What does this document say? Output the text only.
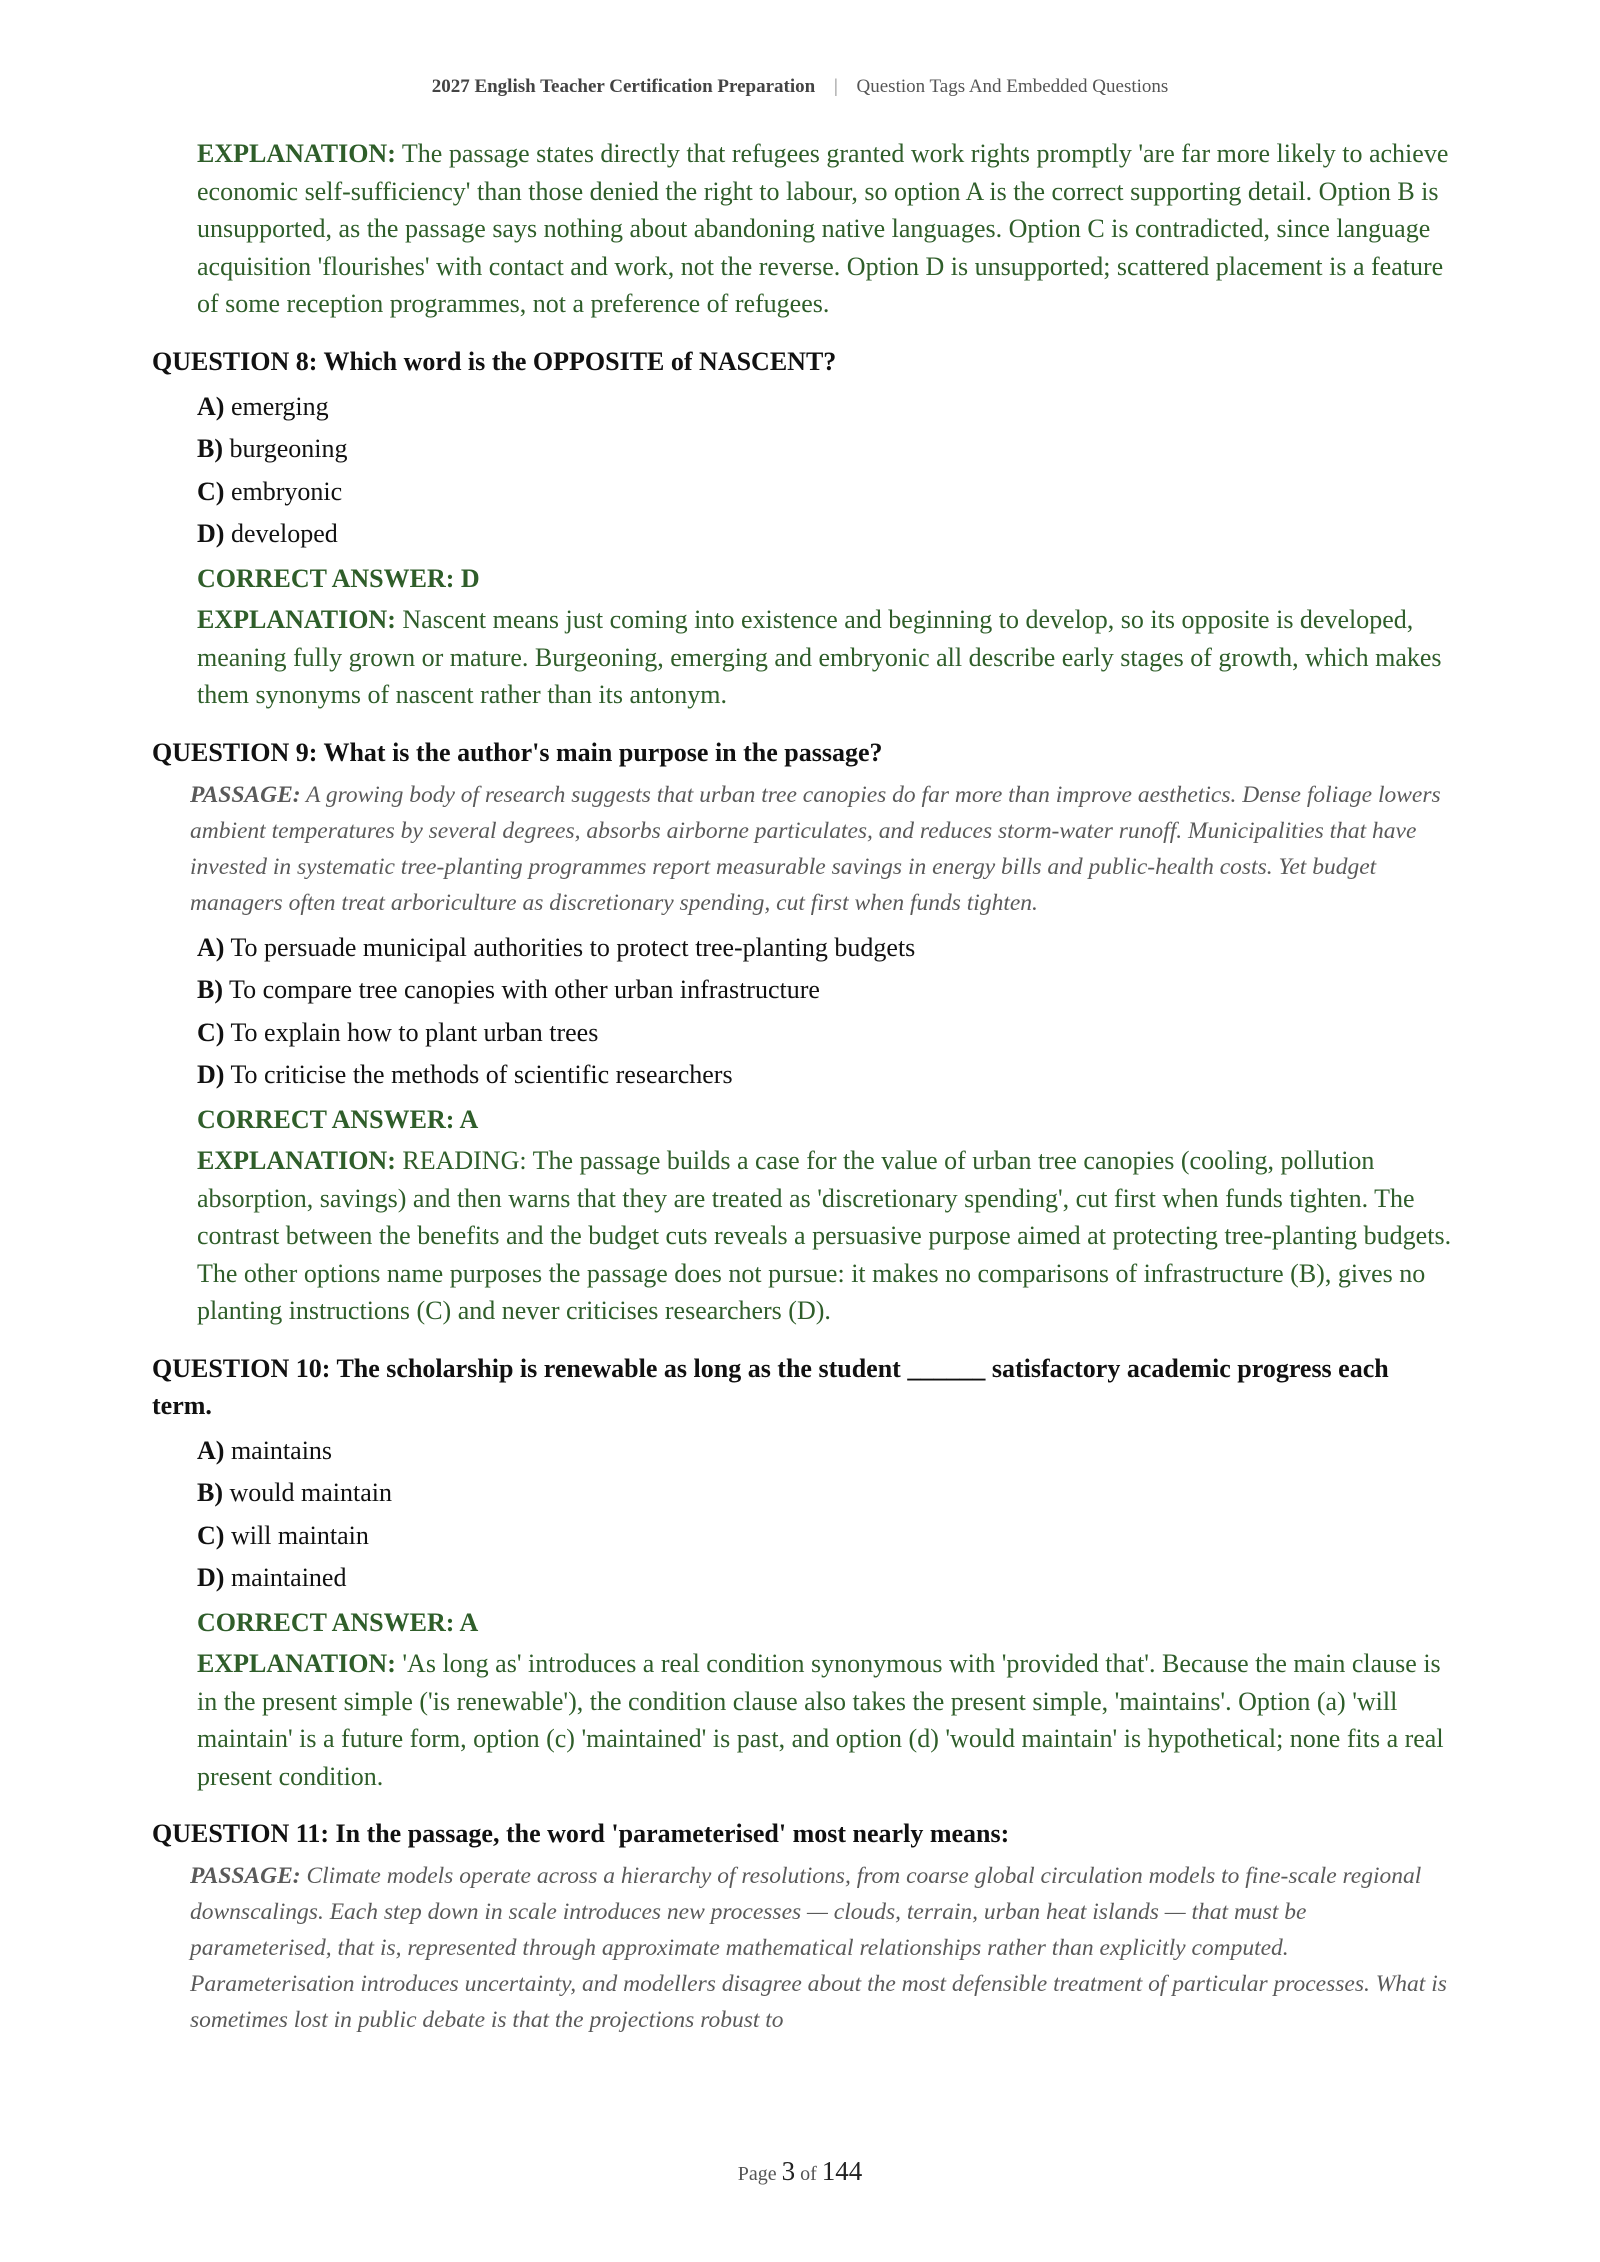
2027 English Teacher Certification Preparation | Question Tags And Embedded Questions
EXPLANATION: The passage states directly that refugees granted work rights promptly 'are far more likely to achieve economic self-sufficiency' than those denied the right to labour, so option A is the correct supporting detail. Option B is unsupported, as the passage says nothing about abandoning native languages. Option C is contradicted, since language acquisition 'flourishes' with contact and work, not the reverse. Option D is unsupported; scattered placement is a feature of some reception programmes, not a preference of refugees.
QUESTION 8: Which word is the OPPOSITE of NASCENT?
A) emerging
B) burgeoning
C) embryonic
D) developed
CORRECT ANSWER: D
EXPLANATION: Nascent means just coming into existence and beginning to develop, so its opposite is developed, meaning fully grown or mature. Burgeoning, emerging and embryonic all describe early stages of growth, which makes them synonyms of nascent rather than its antonym.
QUESTION 9: What is the author's main purpose in the passage?
PASSAGE: A growing body of research suggests that urban tree canopies do far more than improve aesthetics. Dense foliage lowers ambient temperatures by several degrees, absorbs airborne particulates, and reduces storm-water runoff. Municipalities that have invested in systematic tree-planting programmes report measurable savings in energy bills and public-health costs. Yet budget managers often treat arboriculture as discretionary spending, cut first when funds tighten.
A) To persuade municipal authorities to protect tree-planting budgets
B) To compare tree canopies with other urban infrastructure
C) To explain how to plant urban trees
D) To criticise the methods of scientific researchers
CORRECT ANSWER: A
EXPLANATION: READING: The passage builds a case for the value of urban tree canopies (cooling, pollution absorption, savings) and then warns that they are treated as 'discretionary spending', cut first when funds tighten. The contrast between the benefits and the budget cuts reveals a persuasive purpose aimed at protecting tree-planting budgets. The other options name purposes the passage does not pursue: it makes no comparisons of infrastructure (B), gives no planting instructions (C) and never criticises researchers (D).
QUESTION 10: The scholarship is renewable as long as the student ______ satisfactory academic progress each term.
A) maintains
B) would maintain
C) will maintain
D) maintained
CORRECT ANSWER: A
EXPLANATION: 'As long as' introduces a real condition synonymous with 'provided that'. Because the main clause is in the present simple ('is renewable'), the condition clause also takes the present simple, 'maintains'. Option (a) 'will maintain' is a future form, option (c) 'maintained' is past, and option (d) 'would maintain' is hypothetical; none fits a real present condition.
QUESTION 11: In the passage, the word 'parameterised' most nearly means:
PASSAGE: Climate models operate across a hierarchy of resolutions, from coarse global circulation models to fine-scale regional downscalings. Each step down in scale introduces new processes — clouds, terrain, urban heat islands — that must be parameterised, that is, represented through approximate mathematical relationships rather than explicitly computed. Parameterisation introduces uncertainty, and modellers disagree about the most defensible treatment of particular processes. What is sometimes lost in public debate is that the projections robust to
Page 3 of 144
